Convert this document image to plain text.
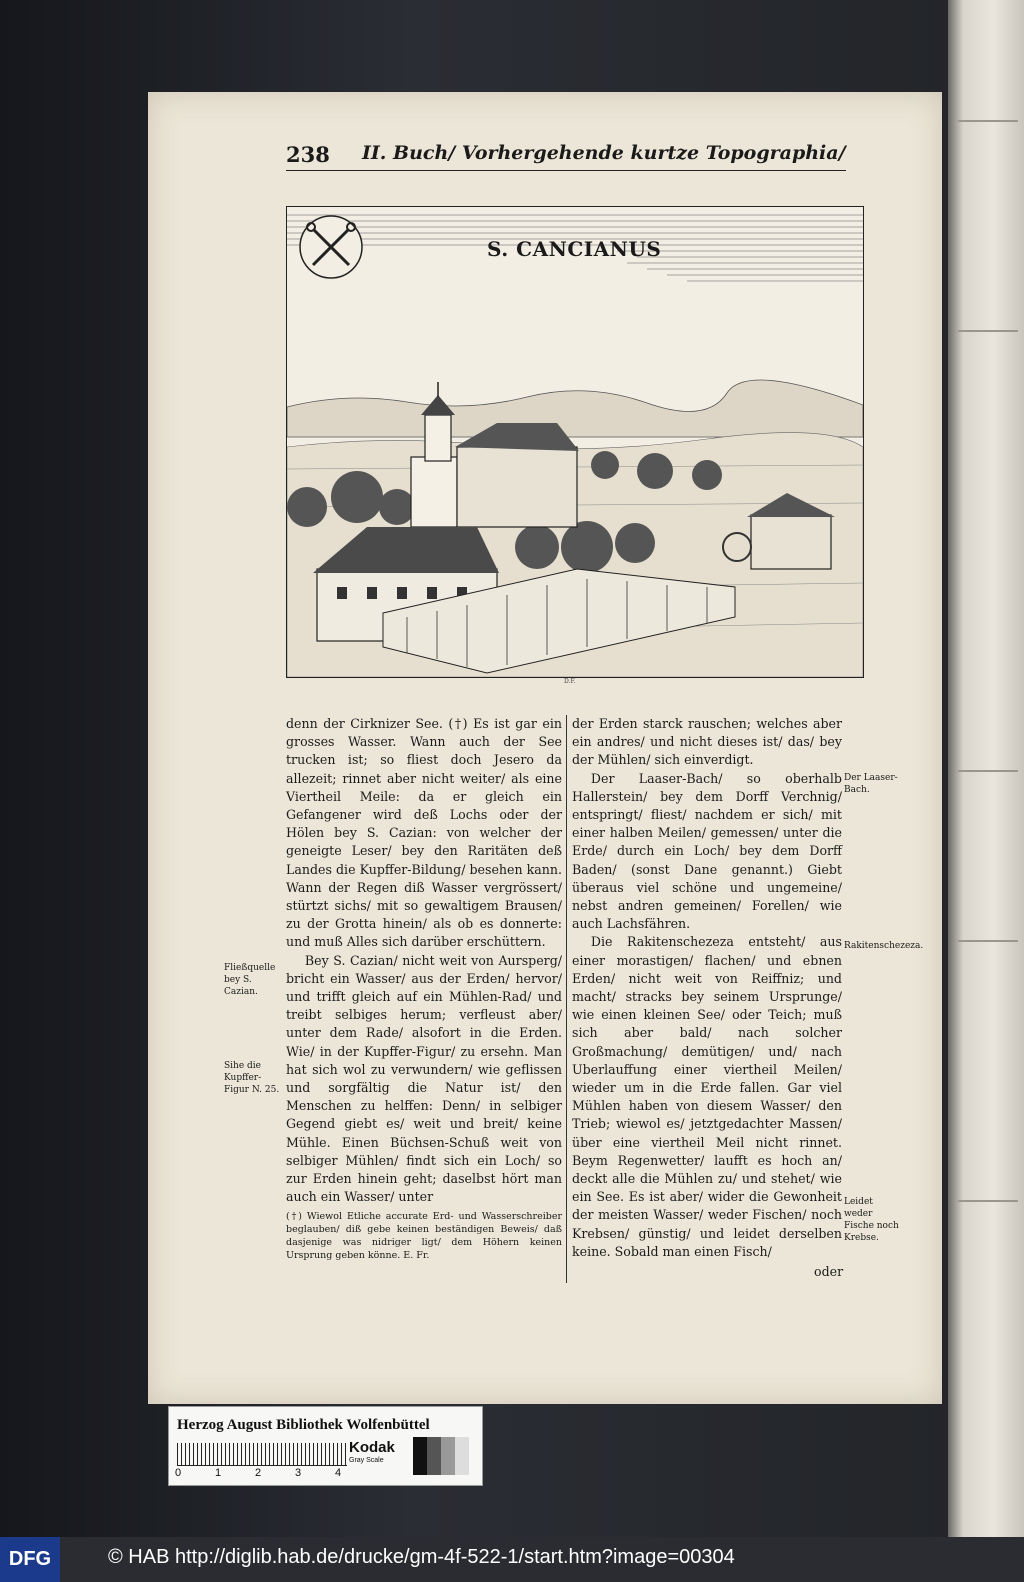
238 II. Buch/ Vorhergehende kurtze Topographia/
S. CANCIANUS
D.F.

denn der Cirknizer See. (†) Es ist gar ein grosses Wasser. Wann auch der See trucken ist; so fliest doch Jesero da allezeit; rinnet aber nicht weiter/ als eine Viertheil Meile: da er gleich ein Gefangener wird deß Lochs oder der Hölen bey S. Cazian: von welcher der geneigte Leser/ bey den Raritäten deß Landes die Kupffer-Bildung/ besehen kann. Wann der Regen diß Wasser vergrössert/ stürtzt sichs/ mit so gewaltigem Brausen/ zu der Grotta hinein/ als ob es donnerte: und muß Alles sich darüber erschüttern.

Bey S. Cazian/ nicht weit von Aursperg/ bricht ein Wasser/ aus der Erden/ hervor/ und trifft gleich auf ein Mühlen-Rad/ und treibt selbiges herum; verfleust aber/ unter dem Rade/ alsofort in die Erden. Wie/ in der Kupffer-Figur/ zu ersehn. Man hat sich wol zu verwundern/ wie geflissen und sorgfältig die Natur ist/ den Menschen zu helffen: Denn/ in selbiger Gegend giebt es/ weit und breit/ keine Mühle. Einen Büchsen-Schuß weit von selbiger Mühlen/ findt sich ein Loch/ so zur Erden hinein geht; daselbst hört man auch ein Wasser/ unter

(†) Wiewol Etliche accurate Erd- und Wasserschreiber beglauben/ diß gebe keinen beständigen Beweis/ daß dasjenige was nidriger ligt/ dem Höhern keinen Ursprung geben könne. E. Fr.

der Erden starck rauschen; welches aber ein andres/ und nicht dieses ist/ das/ bey der Mühlen/ sich einverdigt.

Der Laaser-Bach/ so oberhalb Hallerstein/ bey dem Dorff Verchnig/ entspringt/ fliest/ nachdem er sich/ mit einer halben Meilen/ gemessen/ unter die Erde/ durch ein Loch/ bey dem Dorff Baden/ (sonst Dane genannt.) Giebt überaus viel schöne und ungemeine/ nebst andren gemeinen/ Forellen/ wie auch Lachsfähren.

Die Rakitenschezeza entsteht/ aus einer morastigen/ flachen/ und ebnen Erden/ nicht weit von Reiffniz; und macht/ stracks bey seinem Ursprunge/ wie einen kleinen See/ oder Teich; muß sich aber bald/ nach solcher Großmachung/ demütigen/ und/ nach Uberlauffung einer viertheil Meilen/ wieder um in die Erde fallen. Gar viel Mühlen haben von diesem Wasser/ den Trieb; wiewol es/ jetztgedachter Massen/ über eine viertheil Meil nicht rinnet. Beym Regenwetter/ laufft es hoch an/ deckt alle die Mühlen zu/ und stehet/ wie ein See. Es ist aber/ wider die Gewonheit der meisten Wasser/ weder Fischen/ noch Krebsen/ günstig/ und leidet derselben keine. Sobald man einen Fisch/

oder
Fließquelle bey S. Cazian.
Sihe die Kupffer-Figur N. 25.
Der Laaser-Bach.
Rakitenschezeza.
Leidet weder Fische noch Krebse.
Herzog August Bibliothek Wolfenbüttel
0	1	2	3	4
Kodak
Gray Scale
DFG	© HAB http://diglib.hab.de/drucke/gm-4f-522-1/start.htm?image=00304
